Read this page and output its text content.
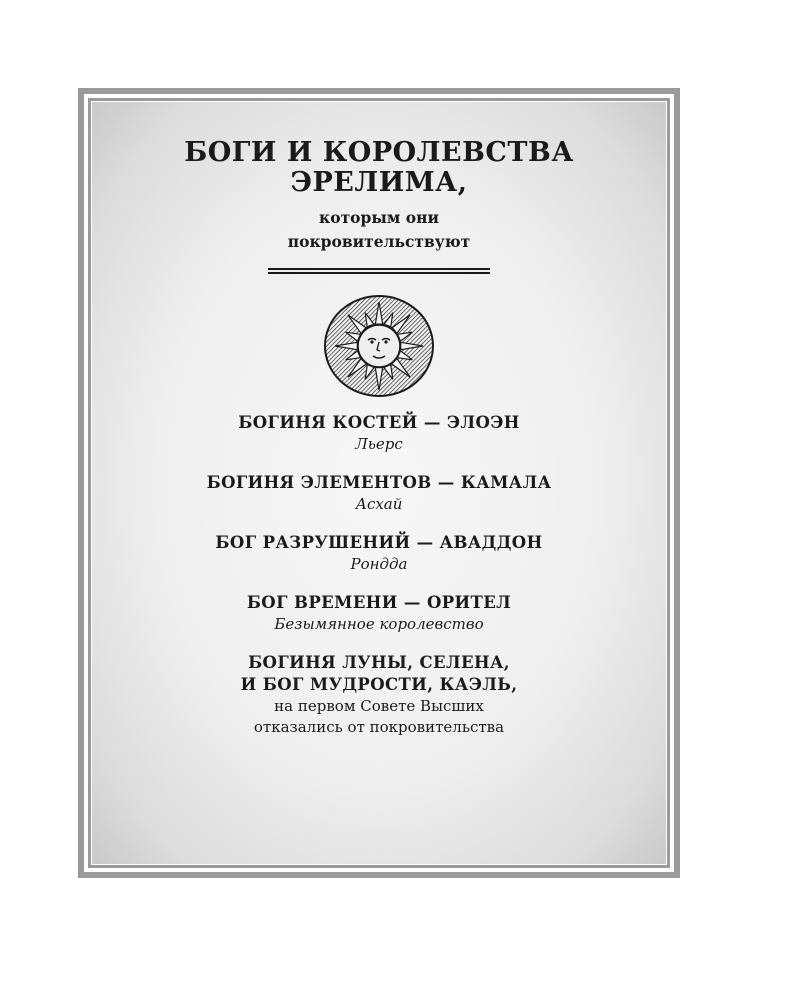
БОГИ И КОРОЛЕВСТВА
ЭРЕЛИМА,
которым они
покровительствуют
БОГИНЯ КОСТЕЙ — ЭЛОЭН
Льерс
БОГИНЯ ЭЛЕМЕНТОВ — КАМАЛА
Асхай
БОГ РАЗРУШЕНИЙ — АВАДДОН
Рондда
БОГ ВРЕМЕНИ — ОРИТЕЛ
Безымянное королевство
БОГИНЯ ЛУНЫ, СЕЛЕНА,
И БОГ МУДРОСТИ, КАЭЛЬ,
на первом Совете Высших
отказались от покровительства
